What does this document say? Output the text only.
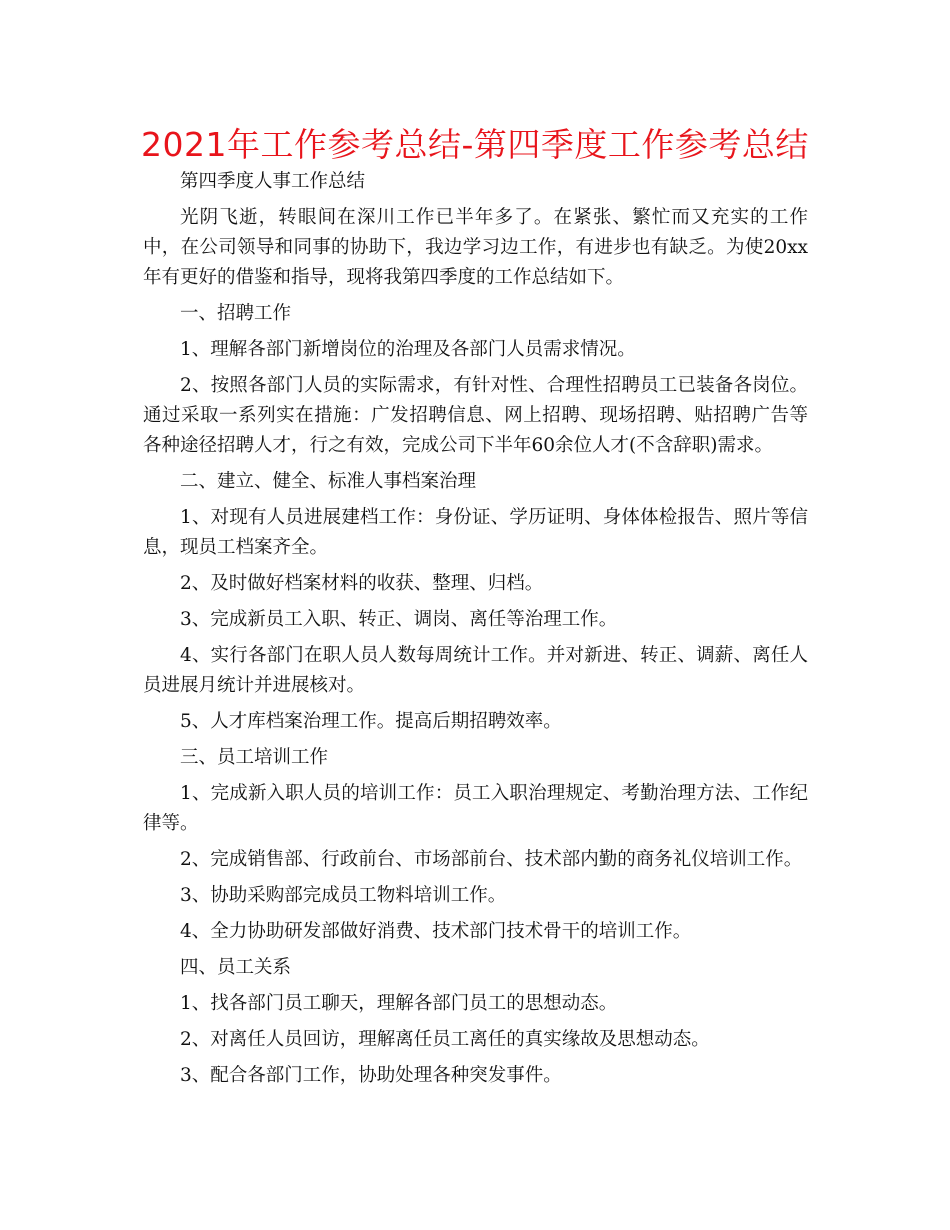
2021年工作参考总结-第四季度工作参考总结

第四季度人事工作总结

光阴飞逝，转眼间在深川工作已半年多了。在紧张、繁忙而又充实的工作中，在公司领导和同事的协助下，我边学习边工作，有进步也有缺乏。为使20xx年有更好的借鉴和指导，现将我第四季度的工作总结如下。

一、招聘工作

1、理解各部门新增岗位的治理及各部门人员需求情况。

2、按照各部门人员的实际需求，有针对性、合理性招聘员工已装备各岗位。通过采取一系列实在措施：广发招聘信息、网上招聘、现场招聘、贴招聘广告等各种途径招聘人才，行之有效，完成公司下半年60余位人才(不含辞职)需求。

二、建立、健全、标准人事档案治理

1、对现有人员进展建档工作：身份证、学历证明、身体体检报告、照片等信息，现员工档案齐全。

2、及时做好档案材料的收获、整理、归档。

3、完成新员工入职、转正、调岗、离任等治理工作。

4、实行各部门在职人员人数每周统计工作。并对新进、转正、调薪、离任人员进展月统计并进展核对。

5、人才库档案治理工作。提高后期招聘效率。

三、员工培训工作

1、完成新入职人员的培训工作：员工入职治理规定、考勤治理方法、工作纪律等。

2、完成销售部、行政前台、市场部前台、技术部内勤的商务礼仪培训工作。

3、协助采购部完成员工物料培训工作。

4、全力协助研发部做好消费、技术部门技术骨干的培训工作。

四、员工关系

1、找各部门员工聊天，理解各部门员工的思想动态。

2、对离任人员回访，理解离任员工离任的真实缘故及思想动态。

3、配合各部门工作，协助处理各种突发事件。
